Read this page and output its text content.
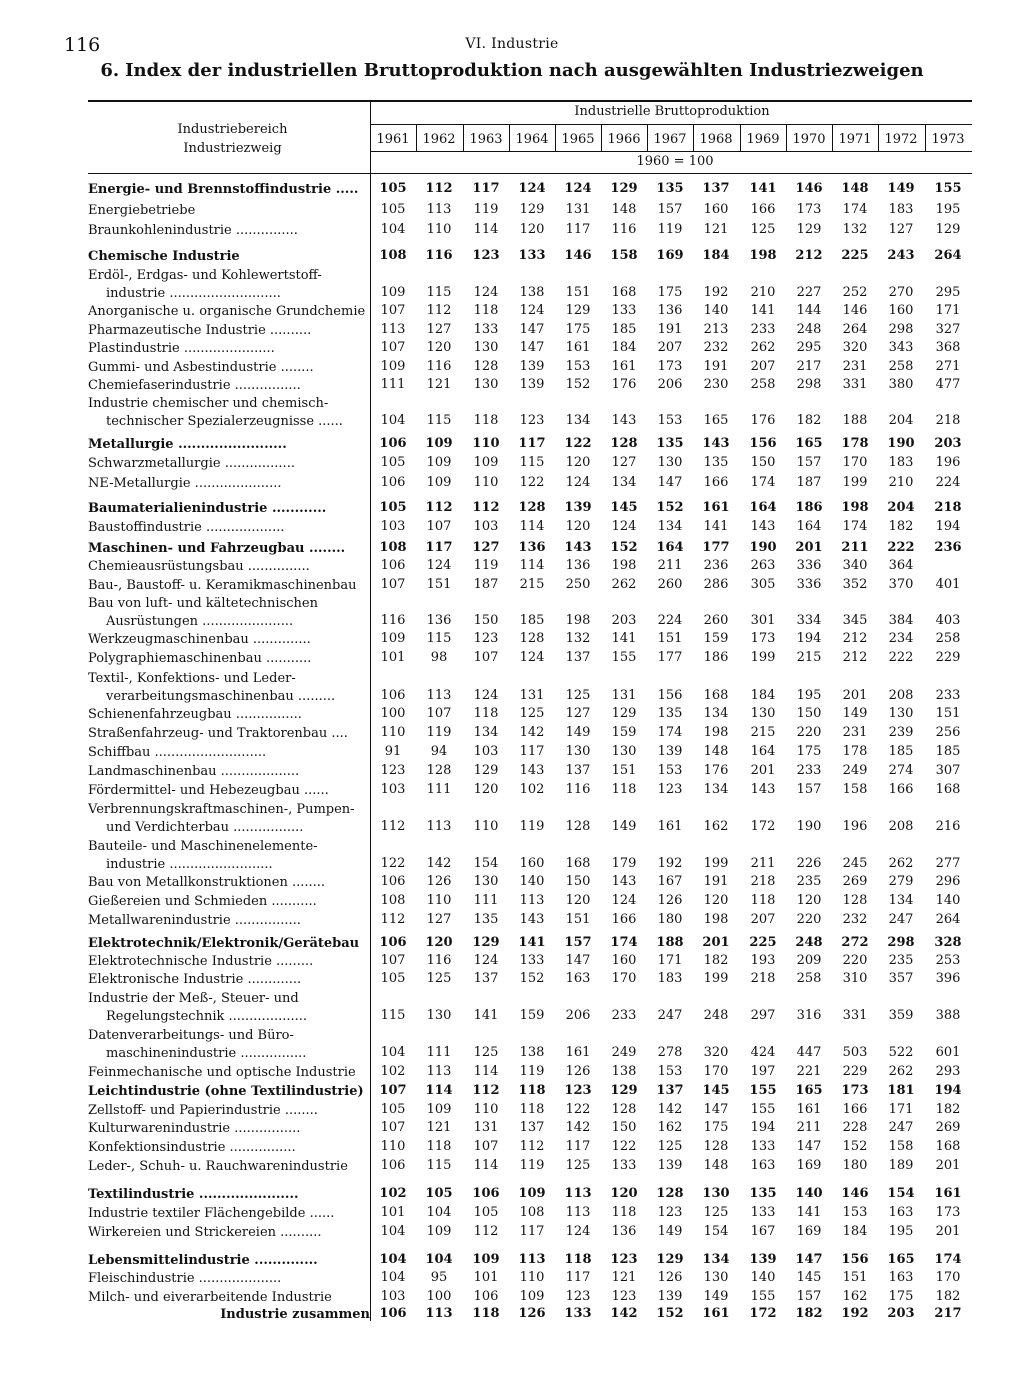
116	VI. Industrie
6. Index der industriellen Bruttoproduktion nach ausgewählten Industriezweigen
Industriebereich
Industriezweig
Industrielle Bruttoproduktion
1960 = 100
1961 1962	1963 1964 1965 1966 1967 1968	1969 1970 1971 1972	1973
Energie- und Brennstoffindustrie .....	105	112	117	124	124	129	135	137	141	146	148	149	155
Energiebetriebe	105	113	119	129	131	148	157	160	166	173	174	183	195
Braunkohlenindustrie ...............	104	110	114	120	117	116	119	121	125	129	132	127	129
Chemische Industrie	108	116	123	133	146	158	169	184	198	212	225	243	264
Erdöl-, Erdgas- und Kohlewertstoff-
industrie ...........................	109	115	124	138	151	168	175	192	210	227	252	270	295
Anorganische u. organische Grundchemie	107	112	118	124	129	133	136	140	141	144	146	160	171
Pharmazeutische Industrie ..........	113	127	133	147	175	185	191	213	233	248	264	298	327
Plastindustrie ......................	107	120	130	147	161	184	207	232	262	295	320	343	368
Gummi- und Asbestindustrie ........	109	116	128	139	153	161	173	191	207	217	231	258	271
Chemiefaserindustrie ................	111	121	130	139	152	176	206	230	258	298	331	380	477
Industrie chemischer und chemisch-
technischer Spezialerzeugnisse ......	104	115	118	123	134	143	153	165	176	182	188	204	218
Metallurgie ........................	106	109	110	117	122	128	135	143	156	165	178	190	203
Schwarzmetallurgie .................	105	109	109	115	120	127	130	135	150	157	170	183	196
NE-Metallurgie .....................	106	109	110	122	124	134	147	166	174	187	199	210	224
Baumaterialienindustrie ............	105	112	112	128	139	145	152	161	164	186	198	204	218
Baustoffindustrie ...................	103	107	103	114	120	124	134	141	143	164	174	182	194
Maschinen- und Fahrzeugbau ........	108	117	127	136	143	152	164	177	190	201	211	222	236
Chemieausrüstungsbau ...............	106	124	119	114	136	198	211	236	263	336	340	364
Bau-, Baustoff- u. Keramikmaschinenbau	107	151	187	215	250	262	260	286	305	336	352	370	401
Bau von luft- und kältetechnischen
Ausrüstungen ......................	116	136	150	185	198	203	224	260	301	334	345	384	403
Werkzeugmaschinenbau ..............	109	115	123	128	132	141	151	159	173	194	212	234	258
Polygraphiemaschinenbau ...........	101	98	107	124	137	155	177	186	199	215	212	222	229
Textil-, Konfektions- und Leder-
verarbeitungsmaschinenbau .........	106	113	124	131	125	131	156	168	184	195	201	208	233
Schienenfahrzeugbau ................	100	107	118	125	127	129	135	134	130	150	149	130	151
Straßenfahrzeug- und Traktorenbau ....	110	119	134	142	149	159	174	198	215	220	231	239	256
Schiffbau ...........................	91	94	103	117	130	130	139	148	164	175	178	185	185
Landmaschinenbau ...................	123	128	129	143	137	151	153	176	201	233	249	274	307
Fördermittel- und Hebezeugbau ......	103	111	120	102	116	118	123	134	143	157	158	166	168
Verbrennungskraftmaschinen-, Pumpen-
und Verdichterbau .................	112	113	110	119	128	149	161	162	172	190	196	208	216
Bauteile- und Maschinenelemente-
industrie .........................	122	142	154	160	168	179	192	199	211	226	245	262	277
Bau von Metallkonstruktionen ........	106	126	130	140	150	143	167	191	218	235	269	279	296
Gießereien und Schmieden ...........	108	110	111	113	120	124	126	120	118	120	128	134	140
Metallwarenindustrie ................	112	127	135	143	151	166	180	198	207	220	232	247	264
Elektrotechnik/Elektronik/Gerätebau	106	120	129	141	157	174	188	201	225	248	272	298	328
Elektrotechnische Industrie .........	107	116	124	133	147	160	171	182	193	209	220	235	253
Elektronische Industrie .............	105	125	137	152	163	170	183	199	218	258	310	357	396
Industrie der Meß-, Steuer- und
Regelungstechnik ...................	115	130	141	159	206	233	247	248	297	316	331	359	388
Datenverarbeitungs- und Büro-
maschinenindustrie ................	104	111	125	138	161	249	278	320	424	447	503	522	601
Feinmechanische und optische Industrie	102	113	114	119	126	138	153	170	197	221	229	262	293
Leichtindustrie (ohne Textilindustrie)	107	114	112	118	123	129	137	145	155	165	173	181	194
Zellstoff- und Papierindustrie ........	105	109	110	118	122	128	142	147	155	161	166	171	182
Kulturwarenindustrie ................	107	121	131	137	142	150	162	175	194	211	228	247	269
Konfektionsindustrie ................	110	118	107	112	117	122	125	128	133	147	152	158	168
Leder-, Schuh- u. Rauchwarenindustrie	106	115	114	119	125	133	139	148	163	169	180	189	201
Textilindustrie ......................	102	105	106	109	113	120	128	130	135	140	146	154	161
Industrie textiler Flächengebilde ......	101	104	105	108	113	118	123	125	133	141	153	163	173
Wirkereien und Strickereien ..........	104	109	112	117	124	136	149	154	167	169	184	195	201
Lebensmittelindustrie ..............	104	104	109	113	118	123	129	134	139	147	156	165	174
Fleischindustrie ....................	104	95	101	110	117	121	126	130	140	145	151	163	170
Milch- und eiverarbeitende Industrie	103	100	106	109	123	123	139	149	155	157	162	175	182
Industrie zusammen 106	113	118	126	133	142	152	161	172	182	192	203	217
